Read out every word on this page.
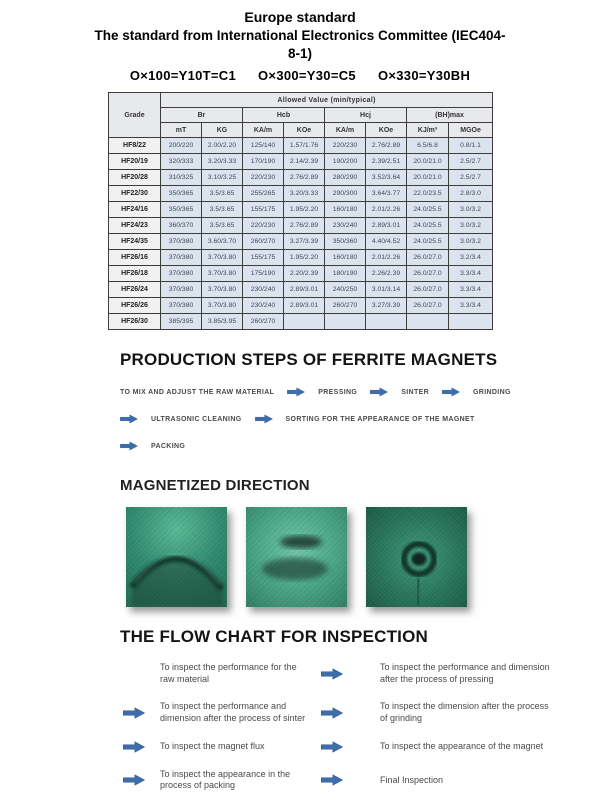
Europe standard
The standard from International Electronics Committee (IEC404-
8-1)
O×100=Y10T=C1 O×300=Y30=C5 O×330=Y30BH
Grade	Allowed Value (min/typical)							
	Br		Hcb		Hcj		(BH)max	
	mT	KG	KA/m	KOe	KA/m	KOe	KJ/m³	MGOe
HF8/22	200/220	2.00/2.20	125/140	1.57/1.76	220/230	2.76/2.89	6.5/6.8	0.8/1.1
HF20/19	320/333	3.20/3.33	170/190	2.14/2.39	190/200	2.39/2.51	20.0/21.0	2.5/2.7
HF20/28	310/325	3.10/3.25	220/230	2.76/2.89	280/290	3.52/3.64	20.0/21.0	2.5/2.7
HF22/30	350/365	3.5/3.65	255/265	3.20/3.33	290/300	3.64/3.77	22.0/23.5	2.8/3.0
HF24/16	350/365	3.5/3.65	155/175	1.95/2.20	160/180	2.01/2.26	24.0/25.5	3.0/3.2
HF24/23	360/370	3.5/3.65	220/230	2.76/2.89	230/240	2.89/3.01	24.0/25.5	3.0/3.2
HF24/35	370/380	3.60/3.70	260/270	3.27/3.39	350/360	4.40/4.52	24.0/25.5	3.0/3.2
HF26/16	370/380	3.70/3.80	155/175	1.95/2.20	160/180	2.01/2.26	26.0/27.0	3.2/3.4
HF26/18	370/380	3.70/3.80	175/190	2.20/2.39	180/190	2.26/2.39	26.0/27.0	3.3/3.4
HF26/24	370/380	3.70/3.80	230/240	2.89/3.01	240/250	3.01/3.14	26.0/27.0	3.3/3.4
HF26/26	370/380	3.70/3.80	230/240	2.89/3.01	260/270	3.27/3.39	26.0/27.0	3.3/3.4
HF26/30	385/395	3.85/3.95	260/270					
PRODUCTION STEPS OF FERRITE MAGNETS
TO MIX AND ADJUST THE RAW MATERIAL	PRESSING	SINTER	GRINDING
ULTRASONIC CLEANING	SORTING FOR THE APPEARANCE OF THE MAGNET
PACKING
MAGNETIZED DIRECTION
THE FLOW CHART FOR INSPECTION
To inspect the performance for the raw material
To inspect the performance and dimension after the process of pressing
To inspect the performance and dimension after the process of sinter
To inspect the dimension after the process of grinding
To inspect the magnet flux	To inspect the appearance of the magnet
To inspect the appearance in the process of packing
Final Inspection
